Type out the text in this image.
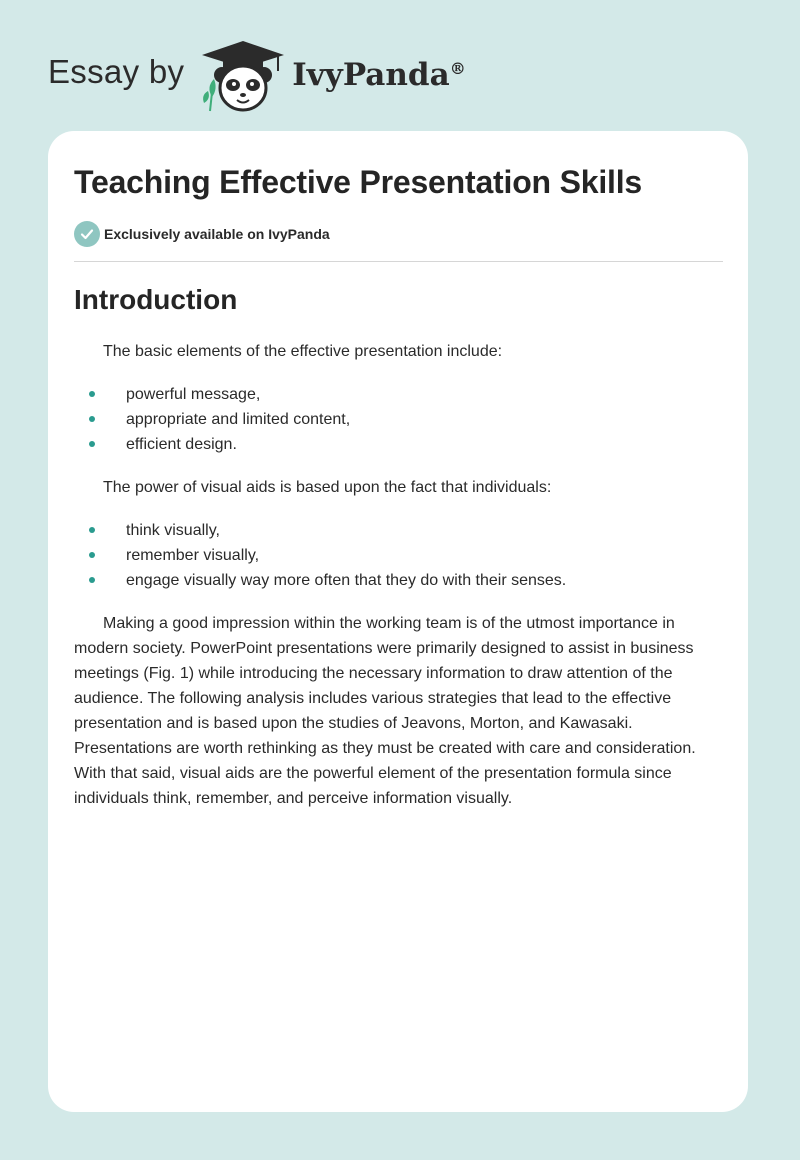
Essay by	IvyPanda®
Teaching Effective Presentation Skills
Exclusively available on IvyPanda
Introduction

The basic elements of the effective presentation include:

powerful message,
appropriate and limited content,
efficient design.

The power of visual aids is based upon the fact that individuals:

think visually,
remember visually,
engage visually way more often that they do with their senses.

Making a good impression within the working team is of the utmost importance in modern society. PowerPoint presentations were primarily designed to assist in business meetings (Fig. 1) while introducing the necessary information to draw attention of the audience. The following analysis includes various strategies that lead to the effective presentation and is based upon the studies of Jeavons, Morton, and Kawasaki. Presentations are worth rethinking as they must be created with care and consideration. With that said, visual aids are the powerful element of the presentation formula since individuals think, remember, and perceive information visually.
